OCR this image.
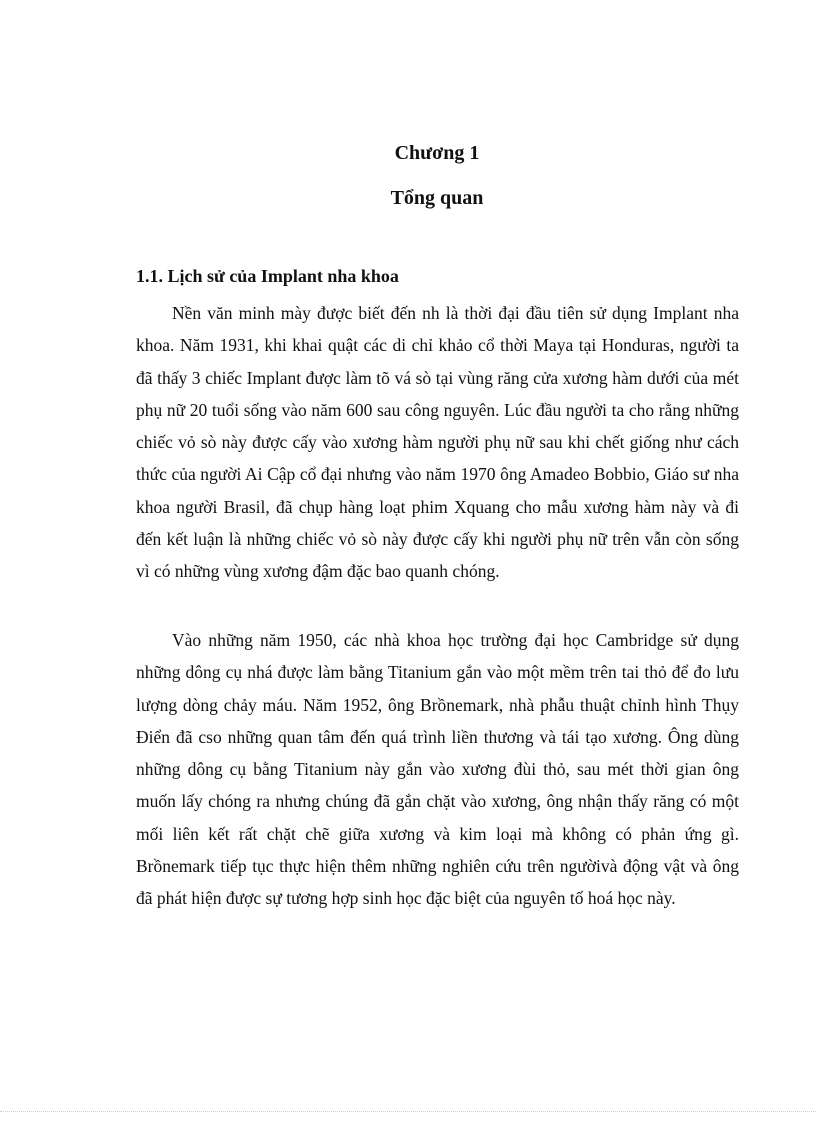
Chương 1
Tổng quan
1.1. Lịch sử của Implant nha khoa

Nền văn minh mày được biết đến nh là thời đại đầu tiên sử dụng Implant nha khoa. Năm 1931, khi khai quật các di chỉ khảo cổ thời Maya tại Honduras, người ta đã thấy 3 chiếc Implant được làm tõ vá sò tại vùng răng cửa xương hàm dưới của mét phụ nữ 20 tuổi sống vào năm 600 sau công nguyên. Lúc đầu người ta cho rằng những chiếc vỏ sò này được cấy vào xương hàm người phụ nữ sau khi chết giống như cách thức của người Ai Cập cổ đại nhưng vào năm 1970 ông Amadeo Bobbio, Giáo sư nha khoa người Brasil, đã chụp hàng loạt phim Xquang cho mẫu xương hàm này và đi đến kết luận là những chiếc vỏ sò này được cấy khi người phụ nữ trên vẫn còn sống vì có những vùng xương đậm đặc bao quanh chóng.

Vào những năm 1950, các nhà khoa học trường đại học Cambridge sử dụng những dông cụ nhá được làm bằng Titanium gắn vào một mềm trên tai thỏ để đo lưu lượng dòng chảy máu. Năm 1952, ông Brồnemark, nhà phẫu thuật chỉnh hình Thụy Điển đã cso những quan tâm đến quá trình liền thương và tái tạo xương. Ông dùng những dông cụ bằng Titanium này gắn vào xương đùi thỏ, sau mét thời gian ông muốn lấy chóng ra nhưng chúng đã gắn chặt vào xương, ông nhận thấy răng có một mối liên kết rất chặt chẽ giữa xương và kim loại mà không có phản ứng gì. Brồnemark tiếp tục thực hiện thêm những nghiên cứu trên ngườivà động vật và ông đã phát hiện được sự tương hợp sinh học đặc biệt của nguyên tố hoá học này.
